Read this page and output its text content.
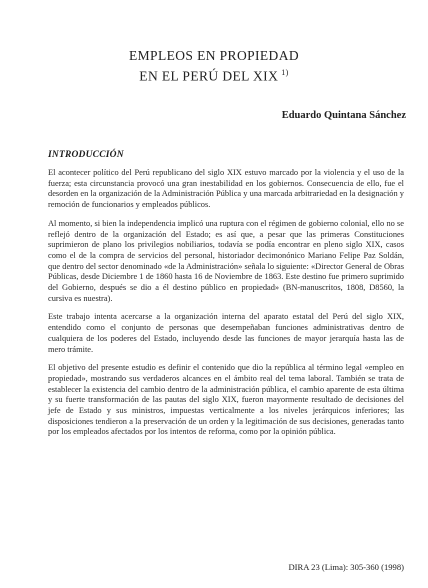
EMPLEOS EN PROPIEDAD
EN EL PERÚ DEL XIX $^{1)}$
Eduardo Quintana Sánchez
INTRODUCCIÓN

El acontecer político del Perú republicano del siglo XIX estuvo marcado por la violencia y el uso de la fuerza; esta circunstancia provocó una gran inestabilidad en los gobiernos. Consecuencia de ello, fue el desorden en la organización de la Administración Pública y una marcada arbitrariedad en la designación y remoción de funcionarios y empleados públicos.

Al momento, si bien la independencia implicó una ruptura con el régimen de gobierno colonial, ello no se reflejó dentro de la organización del Estado; es así que, a pesar que las primeras Constituciones suprimieron de plano los privilegios nobiliarios, todavía se podía encontrar en pleno siglo XIX, casos como el de la compra de servicios del personal, historiador decimonónico Mariano Felipe Paz Soldán, que dentro del sector denominado «de la Administración» señala lo siguiente: «Director General de Obras Públicas, desde Diciembre 1 de 1860 hasta 16 de Noviembre de 1863. Este destino fue primero suprimido del Gobierno, después se dio a él destino público en propiedad» (BN-manuscritos, 1808, D8560, la cursiva es nuestra).

Este trabajo intenta acercarse a la organización interna del aparato estatal del Perú del siglo XIX, entendido como el conjunto de personas que desempeñaban funciones administrativas dentro de cualquiera de los poderes del Estado, incluyendo desde las funciones de mayor jerarquía hasta las de mero trámite.

El objetivo del presente estudio es definir el contenido que dio la república al término legal «empleo en propiedad», mostrando sus verdaderos alcances en el ámbito real del tema laboral. También se trata de establecer la existencia del cambio dentro de la administración pública, el cambio aparente de esta última y su fuerte transformación de las pautas del siglo XIX, fueron mayormente resultado de decisiones del jefe de Estado y sus ministros, impuestas verticalmente a los niveles jerárquicos inferiores; las disposiciones tendieron a la preservación de un orden y la legitimación de sus decisiones, generadas tanto por los empleados afectados por los intentos de reforma, como por la opinión pública.

DIRA 23 (Lima): 305-360 (1998)
